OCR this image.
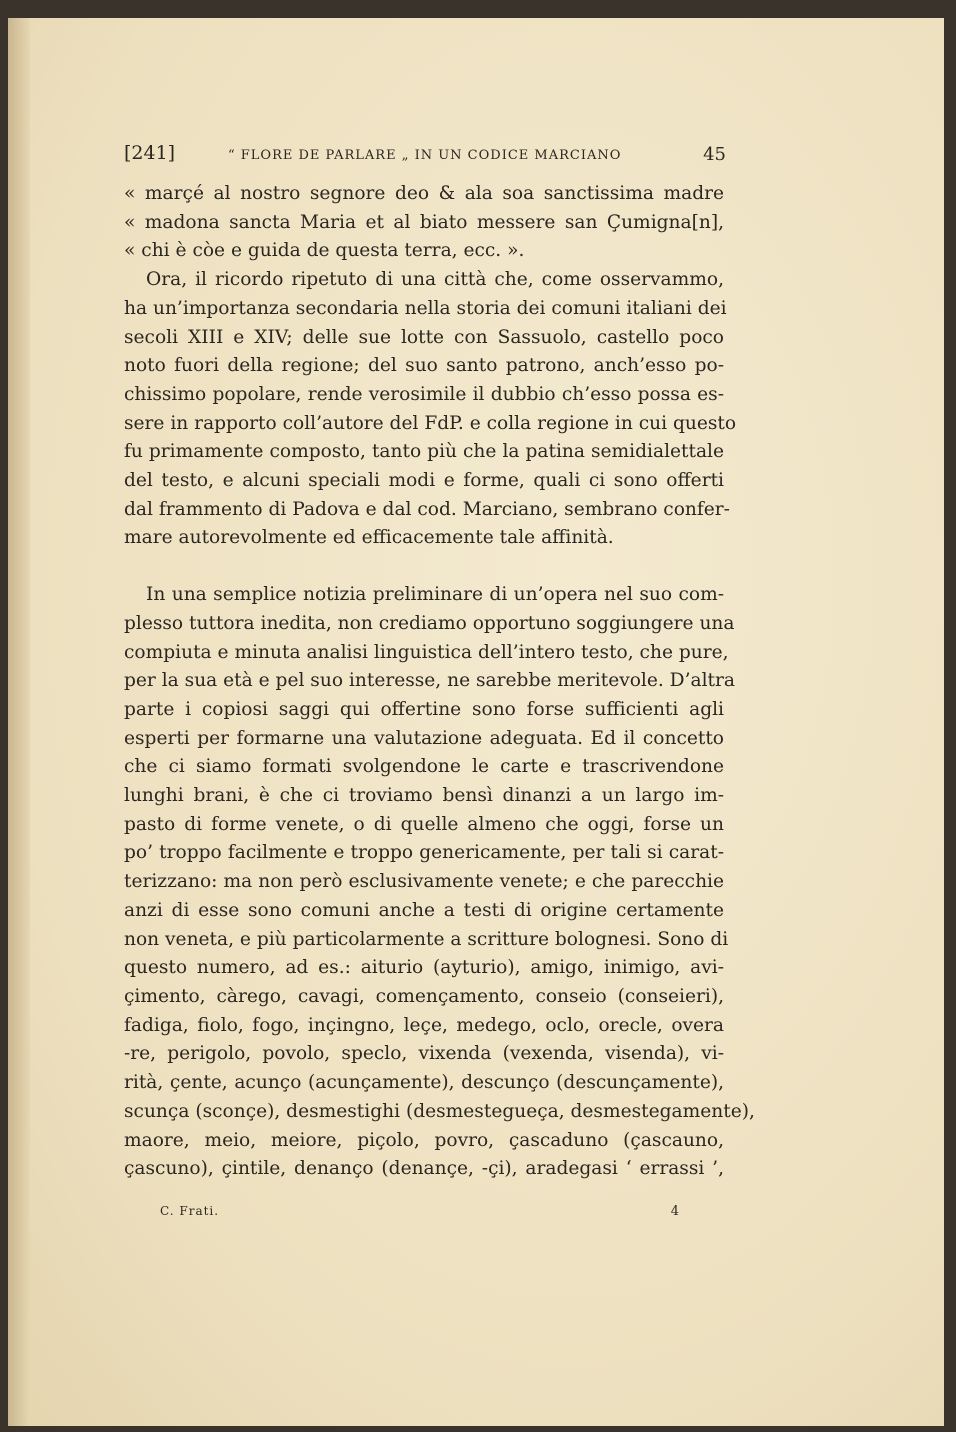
[241]	“ FLORE DE PARLARE „ IN UN CODICE MARCIANO	45
« marçé al nostro segnore deo & ala soa sanctissima madre
« madona sancta Maria et al biato messere san Çumigna[n],
« chi è còe e guida de questa terra, ecc. ».
Ora, il ricordo ripetuto di una città che, come osservammo,
ha un’importanza secondaria nella storia dei comuni italiani dei
secoli XIII e XIV; delle sue lotte con Sassuolo, castello poco
noto fuori della regione; del suo santo patrono, anch’esso po-
chissimo popolare, rende verosimile il dubbio ch’esso possa es-
sere in rapporto coll’autore del FdP. e colla regione in cui questo
fu primamente composto, tanto più che la patina semidialettale
del testo, e alcuni speciali modi e forme, quali ci sono offerti
dal frammento di Padova e dal cod. Marciano, sembrano confer-
mare autorevolmente ed efficacemente tale affinità.
In una semplice notizia preliminare di un’opera nel suo com-
plesso tuttora inedita, non crediamo opportuno soggiungere una
compiuta e minuta analisi linguistica dell’intero testo, che pure,
per la sua età e pel suo interesse, ne sarebbe meritevole. D’altra
parte i copiosi saggi qui offertine sono forse sufficienti agli
esperti per formarne una valutazione adeguata. Ed il concetto
che ci siamo formati svolgendone le carte e trascrivendone
lunghi brani, è che ci troviamo bensì dinanzi a un largo im-
pasto di forme venete, o di quelle almeno che oggi, forse un
po’ troppo facilmente e troppo genericamente, per tali si carat-
terizzano: ma non però esclusivamente venete; e che parecchie
anzi di esse sono comuni anche a testi di origine certamente
non veneta, e più particolarmente a scritture bolognesi. Sono di
questo numero, ad es.: aiturio (ayturio), amigo, inimigo, avi-
çimento, càrego, cavagi, començamento, conseio (conseieri),
fadiga, fiolo, fogo, inçingno, leçe, medego, oclo, orecle, overa
-re, perigolo, povolo, speclo, vixenda (vexenda, visenda), vi-
rità, çente, acunço (acunçamente), descunço (descunçamente),
scunça (sconçe), desmestighi (desmestegueça, desmestegamente),
maore, meio, meiore, piçolo, povro, çascaduno (çascauno,
çascuno), çintile, denanço (denançe, -çi), aradegasi ‘ errassi ’,
C. Frati.	4
